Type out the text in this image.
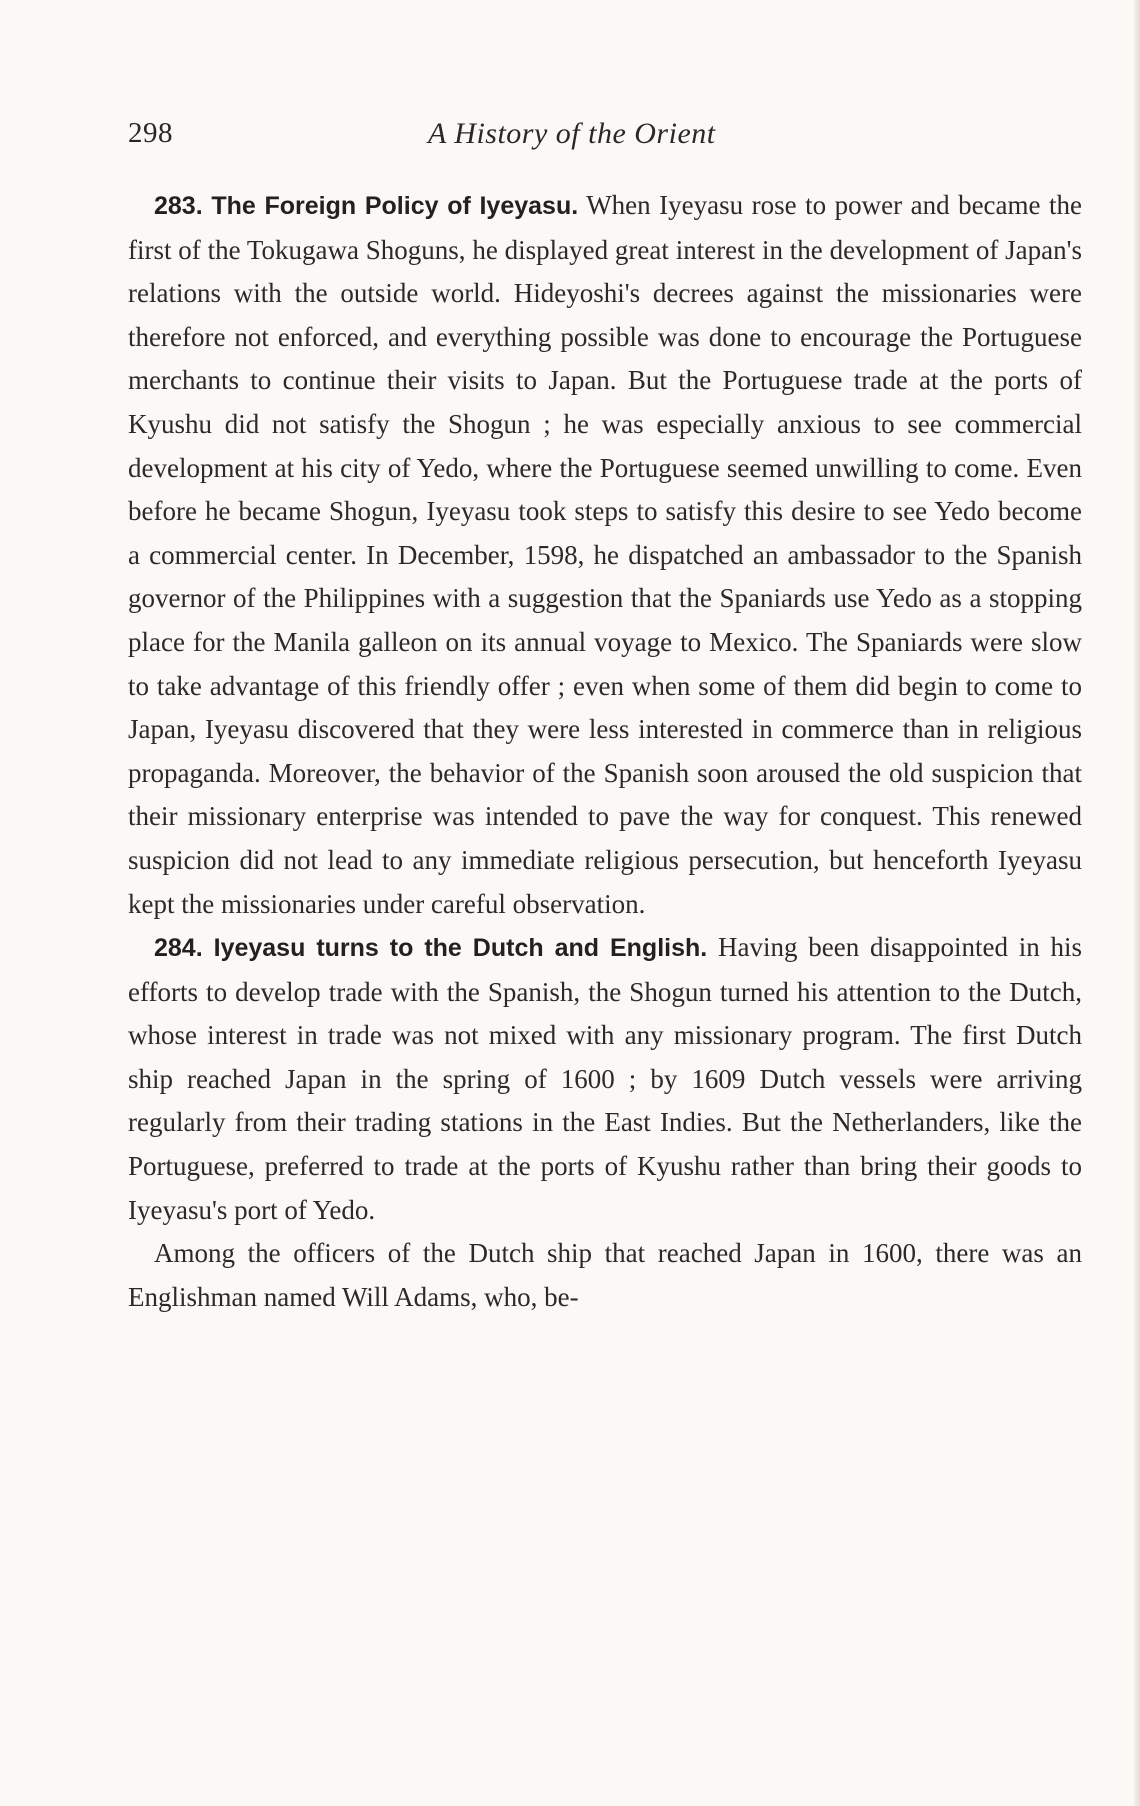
298	A History of the Orient

283. The Foreign Policy of Iyeyasu. When Iyeyasu rose to power and became the first of the Tokugawa Shoguns, he displayed great interest in the development of Japan's relations with the outside world. Hideyoshi's decrees against the missionaries were therefore not enforced, and everything possible was done to encourage the Portuguese merchants to continue their visits to Japan. But the Portuguese trade at the ports of Kyushu did not satisfy the Shogun ; he was especially anxious to see commercial development at his city of Yedo, where the Portuguese seemed unwilling to come. Even before he became Shogun, Iyeyasu took steps to satisfy this desire to see Yedo become a commercial center. In December, 1598, he dispatched an ambassador to the Spanish governor of the Philippines with a suggestion that the Spaniards use Yedo as a stopping place for the Manila galleon on its annual voyage to Mexico. The Spaniards were slow to take advantage of this friendly offer ; even when some of them did begin to come to Japan, Iyeyasu discovered that they were less interested in commerce than in religious propaganda. Moreover, the behavior of the Spanish soon aroused the old suspicion that their missionary enterprise was intended to pave the way for conquest. This renewed suspicion did not lead to any immediate religious persecution, but henceforth Iyeyasu kept the missionaries under careful observation.

284. Iyeyasu turns to the Dutch and English. Having been disappointed in his efforts to develop trade with the Spanish, the Shogun turned his attention to the Dutch, whose interest in trade was not mixed with any missionary program. The first Dutch ship reached Japan in the spring of 1600 ; by 1609 Dutch vessels were arriving regularly from their trading stations in the East Indies. But the Netherlanders, like the Portuguese, preferred to trade at the ports of Kyushu rather than bring their goods to Iyeyasu's port of Yedo.

Among the officers of the Dutch ship that reached Japan in 1600, there was an Englishman named Will Adams, who, be-
